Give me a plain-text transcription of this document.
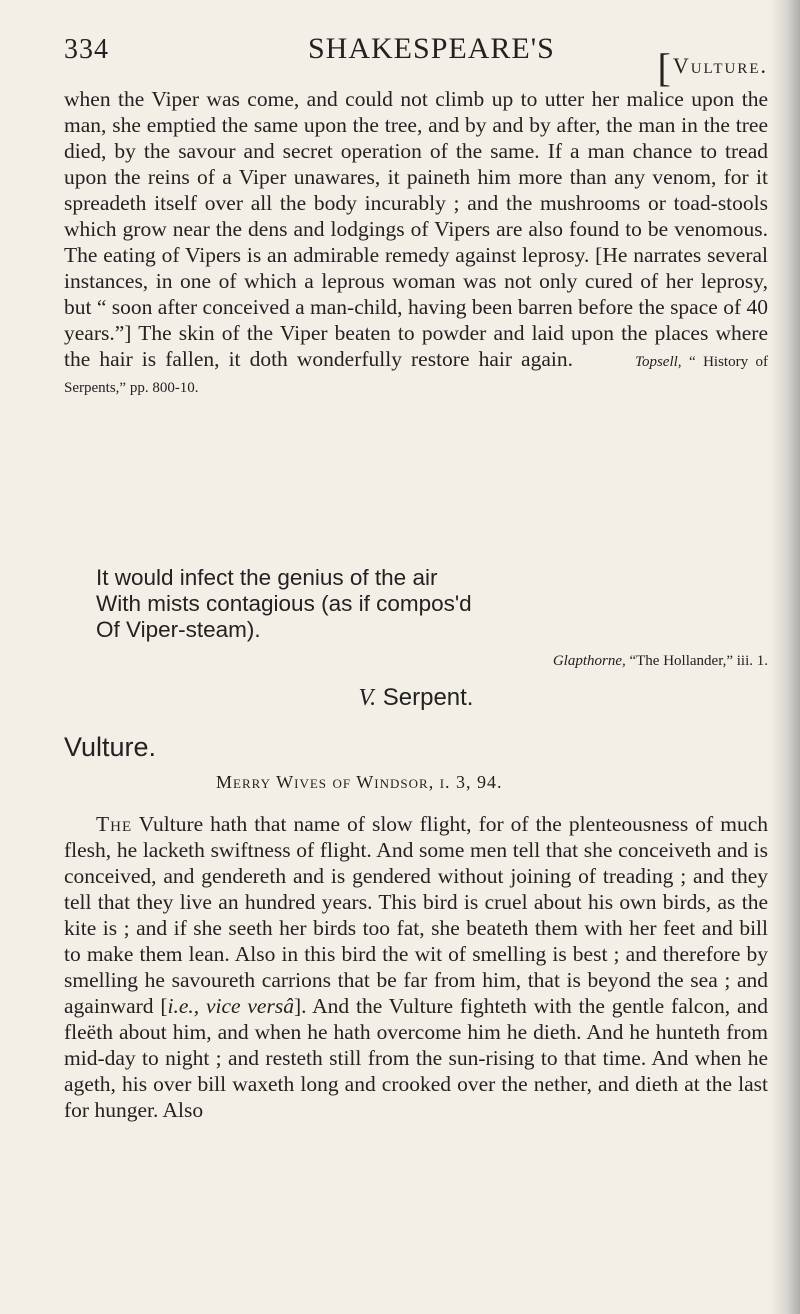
334	SHAKESPEARE'S	[Vulture.

when the Viper was come, and could not climb up to utter her malice upon the man, she emptied the same upon the tree, and by and by after, the man in the tree died, by the savour and secret operation of the same. If a man chance to tread upon the reins of a Viper unawares, it paineth him more than any venom, for it spreadeth itself over all the body incurably ; and the mushrooms or toad-stools which grow near the dens and lodgings of Vipers are also found to be venomous. The eating of Vipers is an admirable remedy against leprosy. [He narrates several instances, in one of which a leprous woman was not only cured of her leprosy, but “ soon after conceived a man-child, having been barren before the space of 40 years.”] The skin of the Viper beaten to powder and laid upon the places where the hair is fallen, it doth wonderfully restore hair again.	Topsell, “ History of Serpents,” pp. 800-10.

It would infect the genius of the air

With mists contagious (as if compos'd

Of Viper-steam).

Glapthorne, “The Hollander,” iii. 1.
V. Serpent.
Vulture.
Merry Wives of Windsor, i. 3, 94.

The Vulture hath that name of slow flight, for of the plenteousness of much flesh, he lacketh swiftness of flight. And some men tell that she conceiveth and is conceived, and gendereth and is gendered without joining of treading ; and they tell that they live an hundred years. This bird is cruel about his own birds, as the kite is ; and if she seeth her birds too fat, she beateth them with her feet and bill to make them lean. Also in this bird the wit of smelling is best ; and therefore by smelling he savoureth carrions that be far from him, that is beyond the sea ; and againward [i.e., vice versâ]. And the Vulture fighteth with the gentle falcon, and fleëth about him, and when he hath overcome him he dieth. And he hunteth from mid-day to night ; and resteth still from the sun-rising to that time. And when he ageth, his over bill waxeth long and crooked over the nether, and dieth at the last for hunger. Also
